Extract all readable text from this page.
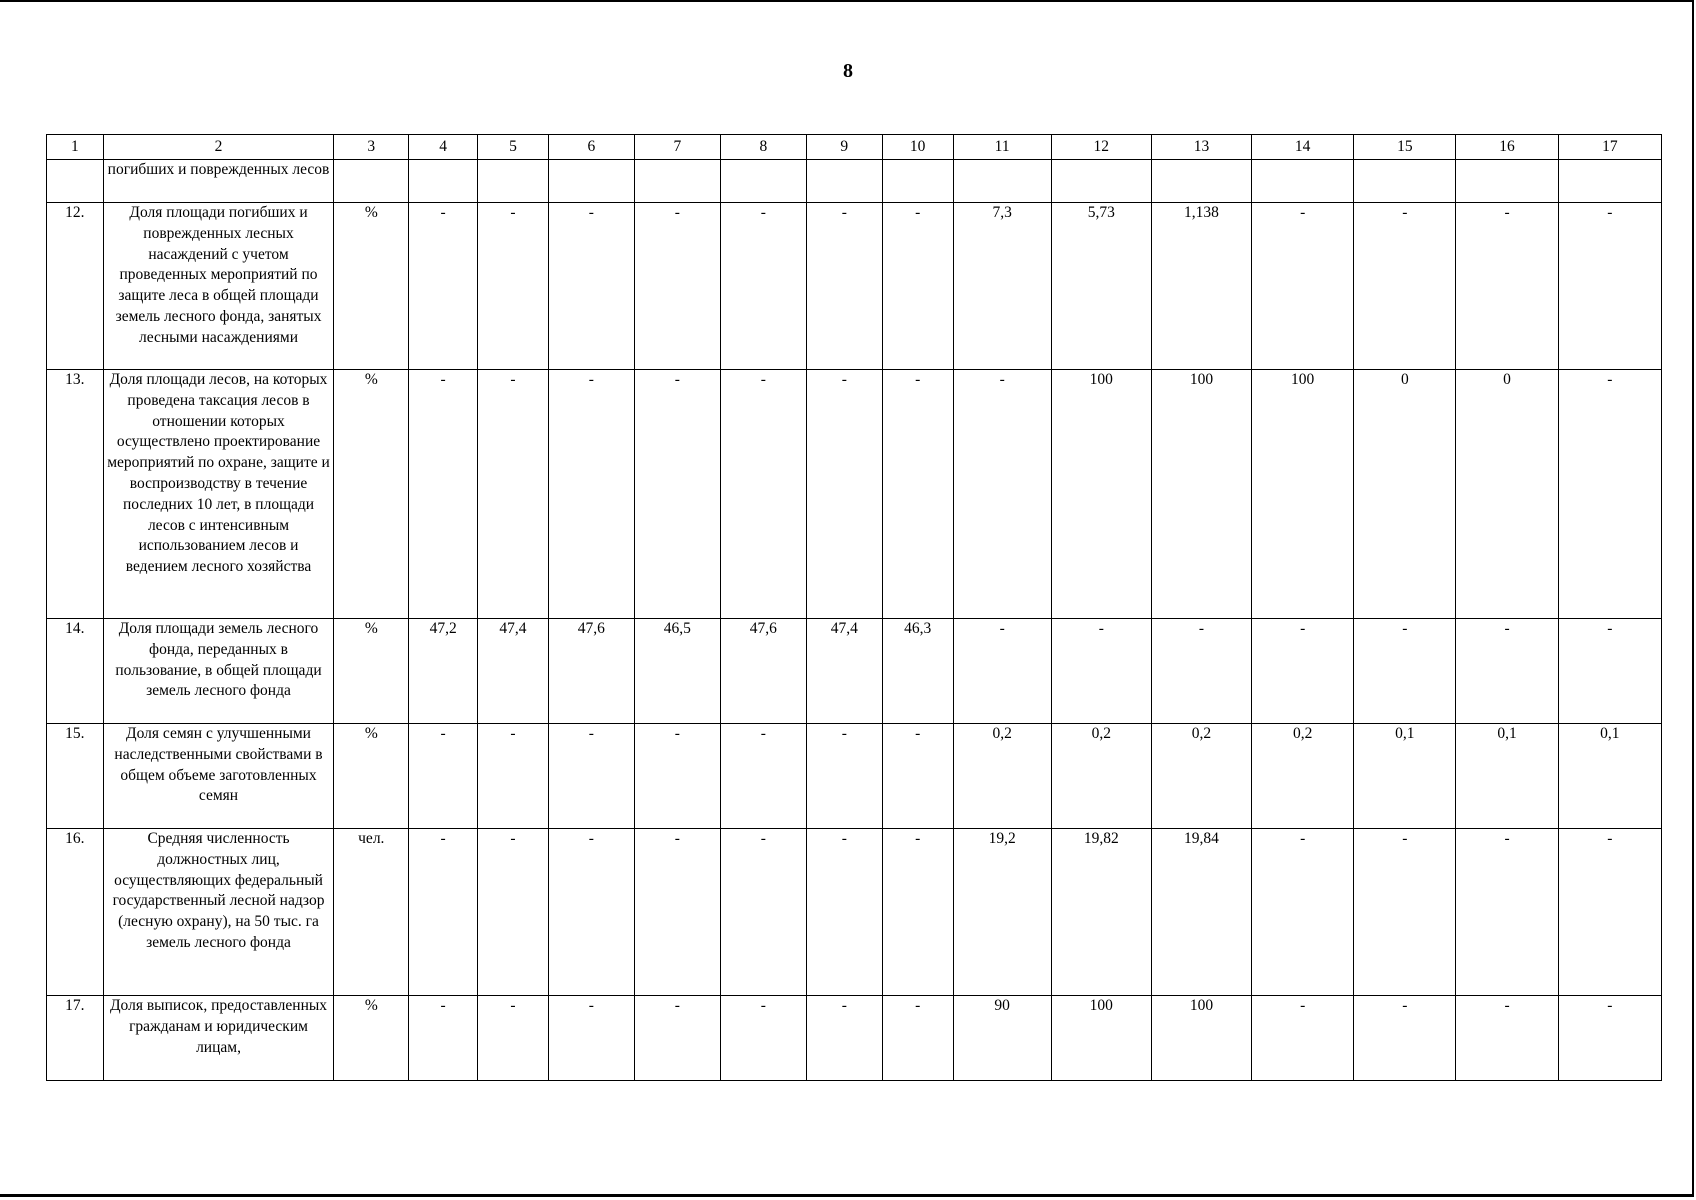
8
1	2	3	4	5	6	7	8	9	10	11	12	13	14	15	16	17
	погибших и поврежденных лесов															
12.	Доля площади погибших и поврежденных лесных насаждений с учетом проведенных мероприятий по защите леса в общей площади земель лесного фонда, занятых лесными насаждениями	%	-	-	-	-	-	-	-	7,3	5,73	1,138	-	-	-	-
13.	Доля площади лесов, на которых проведена таксация лесов в отношении которых осуществлено проектирование мероприятий по охране, защите и воспроизводству в течение последних 10 лет, в площади лесов с интенсивным использованием лесов и ведением лесного хозяйства	%	-	-	-	-	-	-	-	-	100	100	100	0	0	-
14.	Доля площади земель лесного фонда, переданных в пользование, в общей площади земель лесного фонда	%	47,2	47,4	47,6	46,5	47,6	47,4	46,3	-	-	-	-	-	-	-
15.	Доля семян с улучшенными наследственными свойствами в общем объеме заготовленных семян	%	-	-	-	-	-	-	-	0,2	0,2	0,2	0,2	0,1	0,1	0,1
16.	Средняя численность должностных лиц, осуществляющих федеральный государственный лесной надзор (лесную охрану), на 50 тыс. га земель лесного фонда	чел.	-	-	-	-	-	-	-	19,2	19,82	19,84	-	-	-	-
17.	Доля выписок, предоставленных гражданам и юридическим лицам,	%	-	-	-	-	-	-	-	90	100	100	-	-	-	-
